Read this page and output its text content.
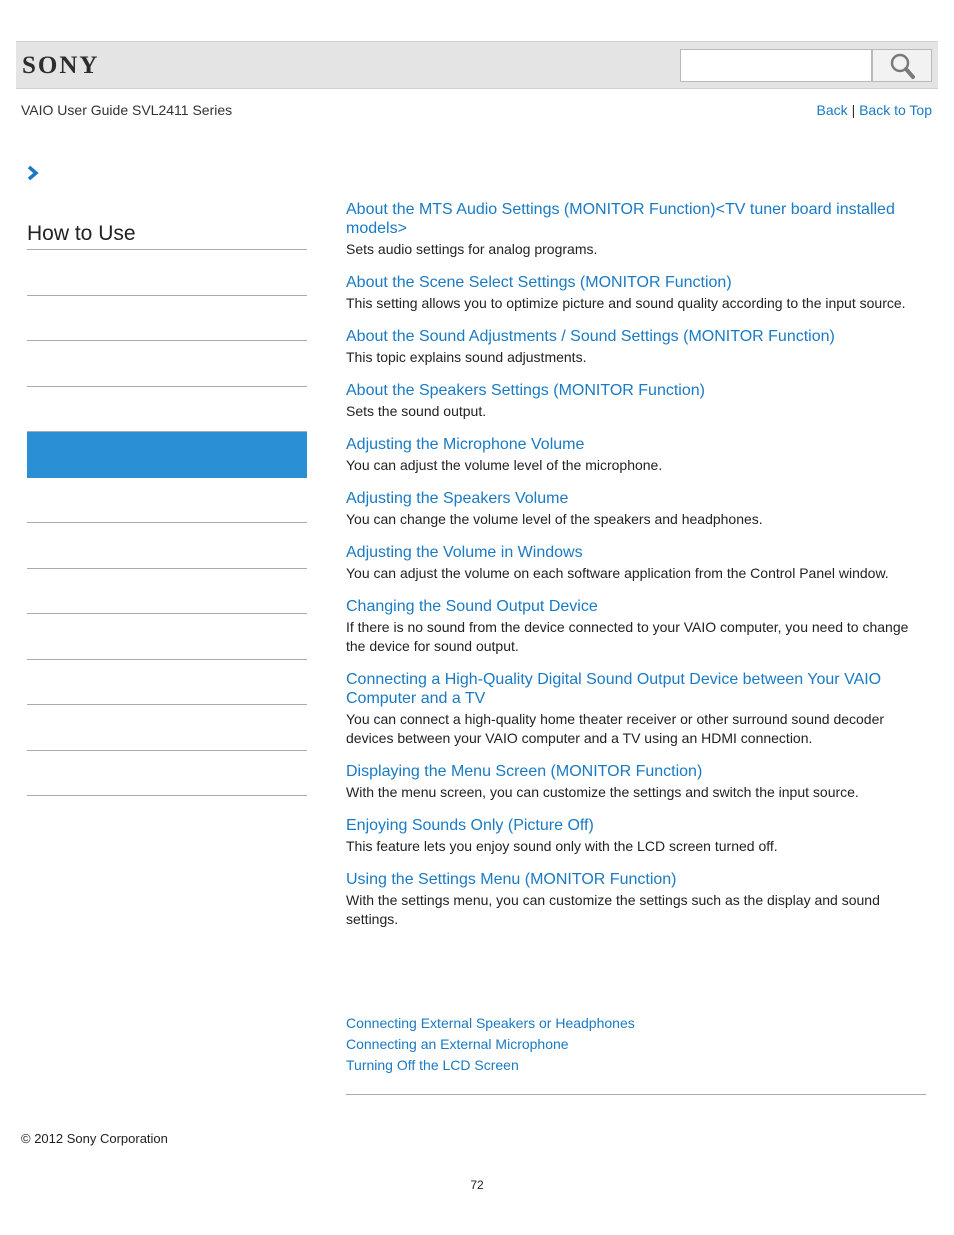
SONY
VAIO User Guide SVL2411 Series	Back | Back to Top
How to Use
About the MTS Audio Settings (MONITOR Function)<TV tuner board installed models>
Sets audio settings for analog programs.
About the Scene Select Settings (MONITOR Function)
This setting allows you to optimize picture and sound quality according to the input source.
About the Sound Adjustments / Sound Settings (MONITOR Function)
This topic explains sound adjustments.
About the Speakers Settings (MONITOR Function)
Sets the sound output.
Adjusting the Microphone Volume
You can adjust the volume level of the microphone.
Adjusting the Speakers Volume
You can change the volume level of the speakers and headphones.
Adjusting the Volume in Windows
You can adjust the volume on each software application from the Control Panel window.
Changing the Sound Output Device
If there is no sound from the device connected to your VAIO computer, you need to change the device for sound output.
Connecting a High-Quality Digital Sound Output Device between Your VAIO Computer and a TV
You can connect a high-quality home theater receiver or other surround sound decoder devices between your VAIO computer and a TV using an HDMI connection.
Displaying the Menu Screen (MONITOR Function)
With the menu screen, you can customize the settings and switch the input source.
Enjoying Sounds Only (Picture Off)
This feature lets you enjoy sound only with the LCD screen turned off.
Using the Settings Menu (MONITOR Function)
With the settings menu, you can customize the settings such as the display and sound settings.
Connecting External Speakers or Headphones
Connecting an External Microphone
Turning Off the LCD Screen
© 2012 Sony Corporation
72
